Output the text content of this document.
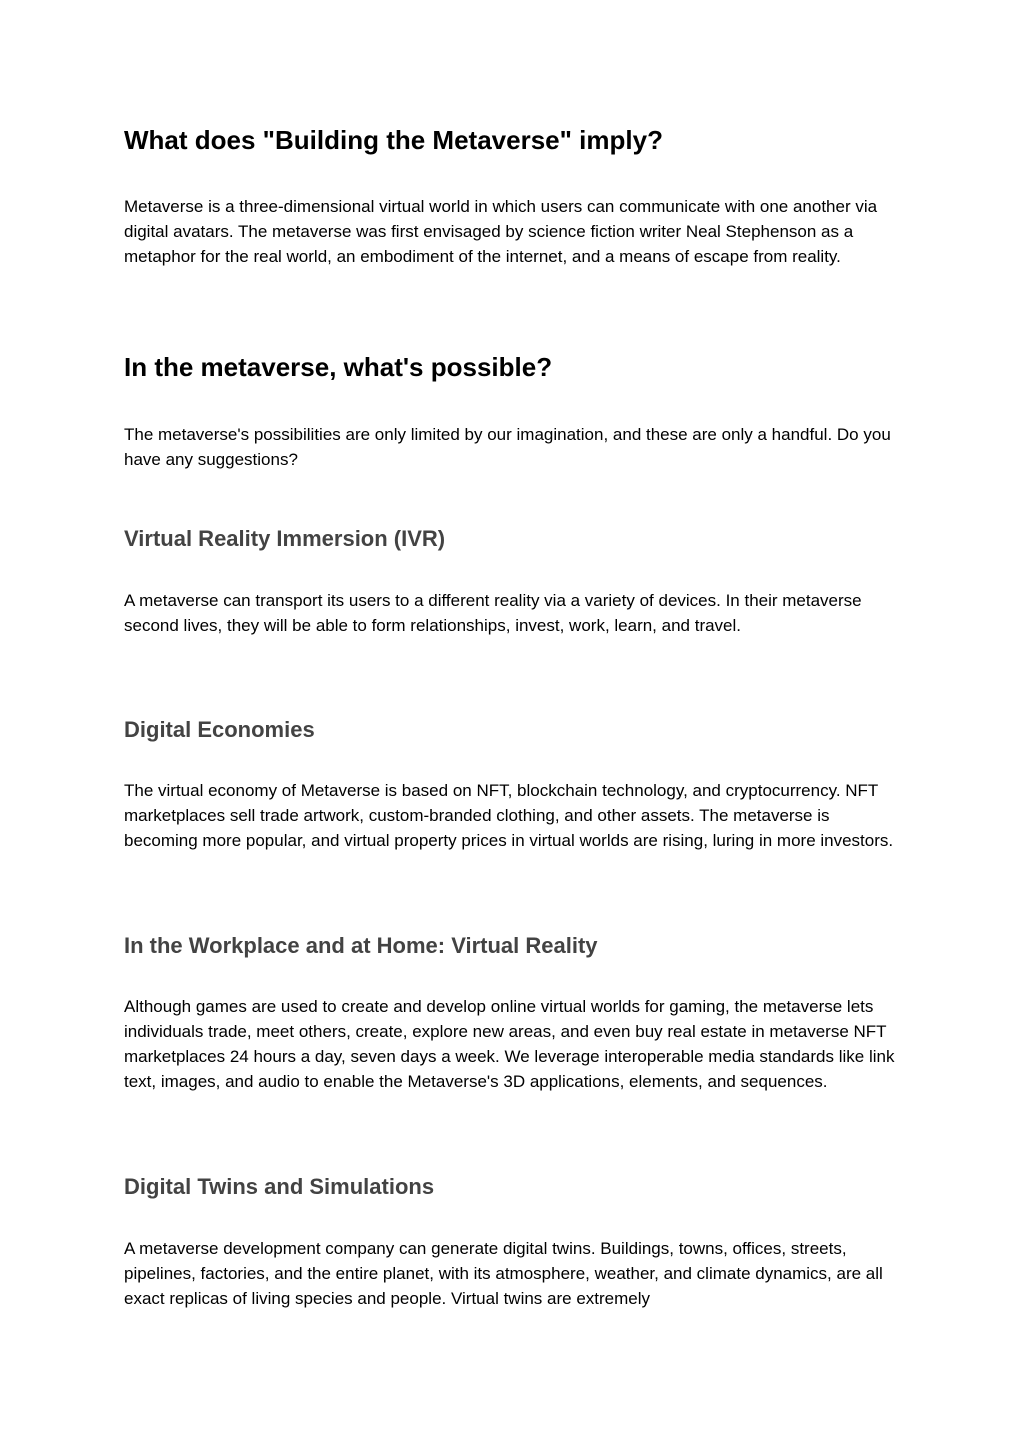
What does "Building the Metaverse" imply?

Metaverse is a three-dimensional virtual world in which users can communicate with one another via digital avatars. The metaverse was first envisaged by science fiction writer Neal Stephenson as a metaphor for the real world, an embodiment of the internet, and a means of escape from reality.

In the metaverse, what's possible?

The metaverse's possibilities are only limited by our imagination, and these are only a handful. Do you have any suggestions?

Virtual Reality Immersion (IVR)

A metaverse can transport its users to a different reality via a variety of devices. In their metaverse second lives, they will be able to form relationships, invest, work, learn, and travel.

Digital Economies

The virtual economy of Metaverse is based on NFT, blockchain technology, and cryptocurrency. NFT marketplaces sell trade artwork, custom-branded clothing, and other assets. The metaverse is becoming more popular, and virtual property prices in virtual worlds are rising, luring in more investors.

In the Workplace and at Home: Virtual Reality

Although games are used to create and develop online virtual worlds for gaming, the metaverse lets individuals trade, meet others, create, explore new areas, and even buy real estate in metaverse NFT marketplaces 24 hours a day, seven days a week. We leverage interoperable media standards like link text, images, and audio to enable the Metaverse's 3D applications, elements, and sequences.

Digital Twins and Simulations

A metaverse development company can generate digital twins. Buildings, towns, offices, streets, pipelines, factories, and the entire planet, with its atmosphere, weather, and climate dynamics, are all exact replicas of living species and people. Virtual twins are extremely
